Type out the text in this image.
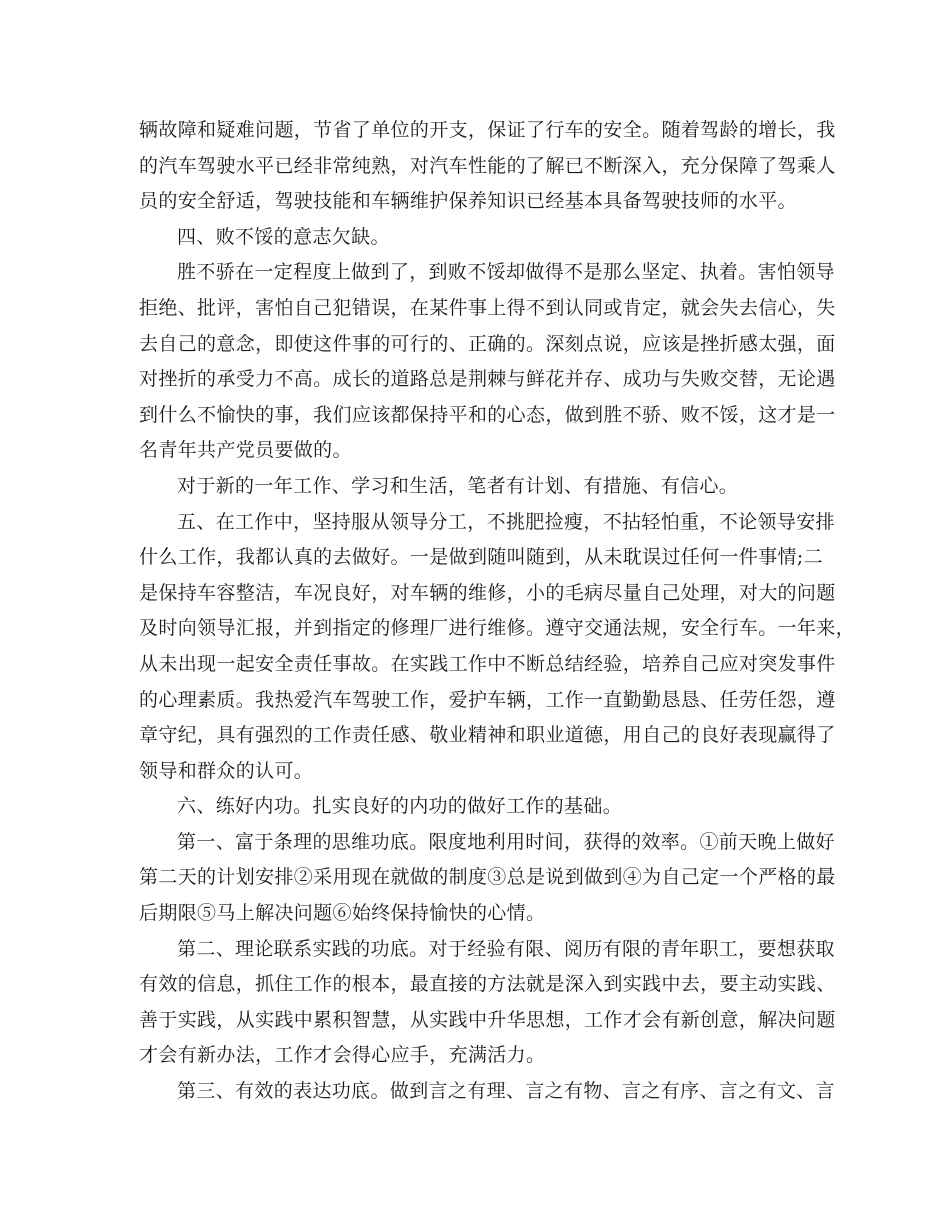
辆故障和疑难问题，节省了单位的开支，保证了行车的安全。随着驾龄的增长，我
的汽车驾驶水平已经非常纯熟，对汽车性能的了解已不断深入，充分保障了驾乘人
员的安全舒适，驾驶技能和车辆维护保养知识已经基本具备驾驶技师的水平。
四、败不馁的意志欠缺。
胜不骄在一定程度上做到了，到败不馁却做得不是那么坚定、执着。害怕领导
拒绝、批评，害怕自己犯错误，在某件事上得不到认同或肯定，就会失去信心，失
去自己的意念，即使这件事的可行的、正确的。深刻点说，应该是挫折感太强，面
对挫折的承受力不高。成长的道路总是荆棘与鲜花并存、成功与失败交替，无论遇
到什么不愉快的事，我们应该都保持平和的心态，做到胜不骄、败不馁，这才是一
名青年共产党员要做的。
对于新的一年工作、学习和生活，笔者有计划、有措施、有信心。
五、在工作中，坚持服从领导分工，不挑肥捡瘦，不拈轻怕重，不论领导安排
什么工作，我都认真的去做好。一是做到随叫随到，从未耽误过任何一件事情;二
是保持车容整洁，车况良好，对车辆的维修，小的毛病尽量自己处理，对大的问题
及时向领导汇报，并到指定的修理厂进行维修。遵守交通法规，安全行车。一年来，
从未出现一起安全责任事故。在实践工作中不断总结经验，培养自己应对突发事件
的心理素质。我热爱汽车驾驶工作，爱护车辆，工作一直勤勤恳恳、任劳任怨，遵
章守纪，具有强烈的工作责任感、敬业精神和职业道德，用自己的良好表现赢得了
领导和群众的认可。
六、练好内功。扎实良好的内功的做好工作的基础。
第一、富于条理的思维功底。限度地利用时间，获得的效率。①前天晚上做好
第二天的计划安排②采用现在就做的制度③总是说到做到④为自己定一个严格的最
后期限⑤马上解决问题⑥始终保持愉快的心情。
第二、理论联系实践的功底。对于经验有限、阅历有限的青年职工，要想获取
有效的信息，抓住工作的根本，最直接的方法就是深入到实践中去，要主动实践、
善于实践，从实践中累积智慧，从实践中升华思想，工作才会有新创意，解决问题
才会有新办法，工作才会得心应手，充满活力。
第三、有效的表达功底。做到言之有理、言之有物、言之有序、言之有文、言
